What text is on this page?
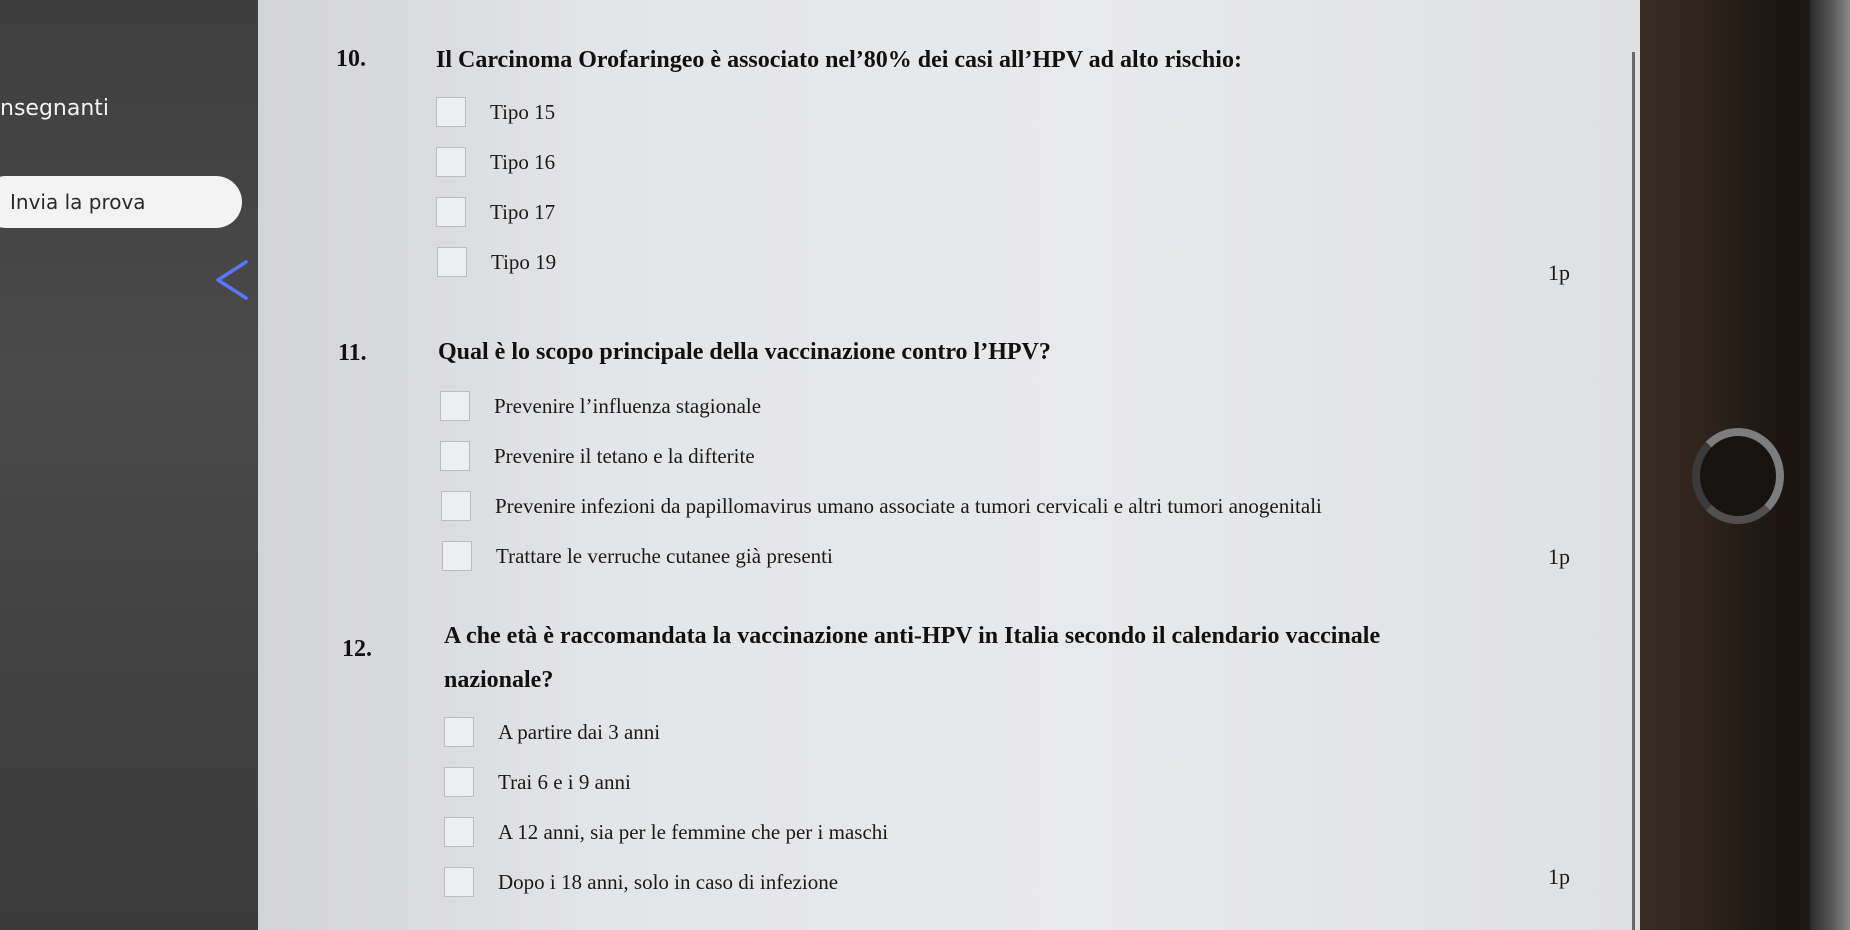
nsegnanti
Invia la prova
10.	Il Carcinoma Orofaringeo è associato nel’80% dei casi all’HPV ad alto rischio:
Tipo 15
Tipo 16
Tipo 17
Tipo 19	1p
11.	Qual è lo scopo principale della vaccinazione contro l’HPV?
Prevenire l’influenza stagionale
Prevenire il tetano e la difterite
Prevenire infezioni da papillomavirus umano associate a tumori cervicali e altri tumori anogenitali
Trattare le verruche cutanee già presenti	1p
12.	A che età è raccomandata la vaccinazione anti-HPV in Italia secondo il calendario vaccinale
nazionale?
A partire dai 3 anni
Trai 6 e i 9 anni
A 12 anni, sia per le femmine che per i maschi
Dopo i 18 anni, solo in caso di infezione	1p
